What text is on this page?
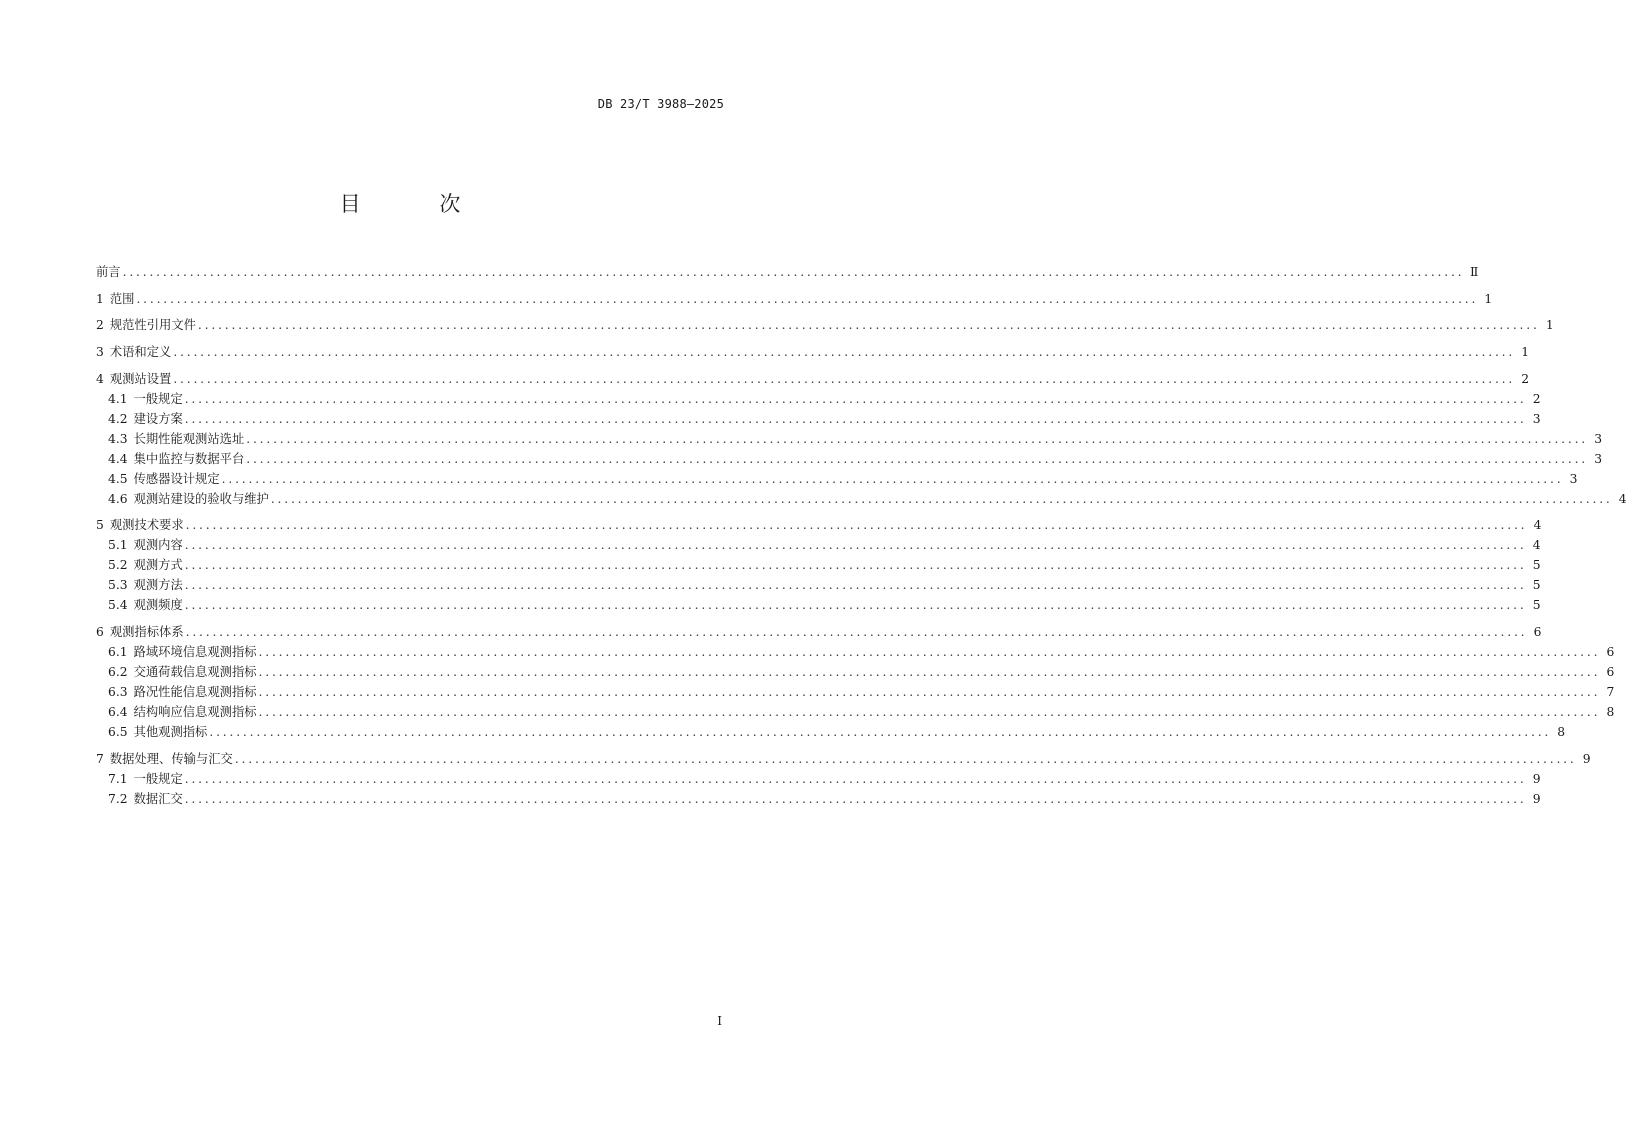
DB 23/T 3988—2025
目 次
前言 ........................................................................................................................................................................................................ Ⅱ
1 范围 ........................................................................................................................................................................................................ 1
2 规范性引用文件 ........................................................................................................................................................................................................ 1
3 术语和定义 ........................................................................................................................................................................................................ 1
4 观测站设置 ........................................................................................................................................................................................................ 2
4.1 一般规定 ........................................................................................................................................................................................................ 2
4.2 建设方案 ........................................................................................................................................................................................................ 3
4.3 长期性能观测站选址 ........................................................................................................................................................................................................ 3
4.4 集中监控与数据平台 ........................................................................................................................................................................................................ 3
4.5 传感器设计规定 ........................................................................................................................................................................................................ 3
4.6 观测站建设的验收与维护 ........................................................................................................................................................................................................ 4
5 观测技术要求 ........................................................................................................................................................................................................ 4
5.1 观测内容 ........................................................................................................................................................................................................ 4
5.2 观测方式 ........................................................................................................................................................................................................ 5
5.3 观测方法 ........................................................................................................................................................................................................ 5
5.4 观测频度 ........................................................................................................................................................................................................ 5
6 观测指标体系 ........................................................................................................................................................................................................ 6
6.1 路域环境信息观测指标 ........................................................................................................................................................................................................ 6
6.2 交通荷载信息观测指标 ........................................................................................................................................................................................................ 6
6.3 路况性能信息观测指标 ........................................................................................................................................................................................................ 7
6.4 结构响应信息观测指标 ........................................................................................................................................................................................................ 8
6.5 其他观测指标 ........................................................................................................................................................................................................ 8
7 数据处理、传输与汇交 ........................................................................................................................................................................................................ 9
7.1 一般规定 ........................................................................................................................................................................................................ 9
7.2 数据汇交 ........................................................................................................................................................................................................ 9
I
